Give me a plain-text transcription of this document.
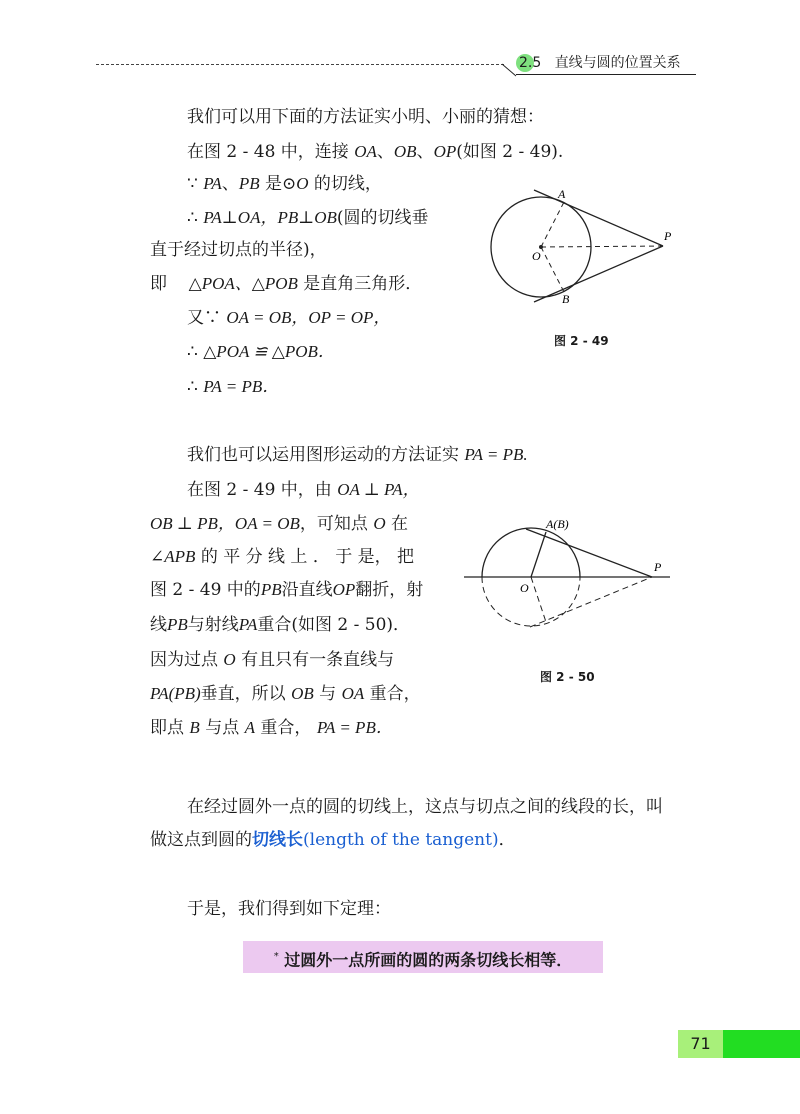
2.5 直线与圆的位置关系
我们可以用下面的方法证实小明、小丽的猜想：
在图 2 - 48 中，连接 OA、OB、OP(如图 2 - 49).
∵ PA、PB 是⊙O 的切线，
∴ PA⊥OA，PB⊥OB(圆的切线垂
直于经过切点的半径)，
即 △POA、△POB 是直角三角形．
又∵ OA = OB，OP = OP，
∴ △POA ≌ △POB．
∴ PA = PB．
A
B
O
P
图 2 - 49
我们也可以运用图形运动的方法证实 PA = PB.
在图 2 - 49 中，由 OA ⊥ PA，
OB ⊥ PB，OA = OB，可知点 O 在
∠APB 的 平 分 线 上 ． 于 是， 把
图 2 - 49 中的PB沿直线OP翻折，射
线PB与射线PA重合(如图 2 - 50)．
因为过点 O 有且只有一条直线与
PA(PB)垂直，所以 OB 与 OA 重合，
即点 B 与点 A 重合， PA = PB．
A(B)
O
P
图 2 - 50
在经过圆外一点的圆的切线上，这点与切点之间的线段的长，叫
做这点到圆的切线长(length of the tangent)．
于是，我们得到如下定理：
* 过圆外一点所画的圆的两条切线长相等．
71
